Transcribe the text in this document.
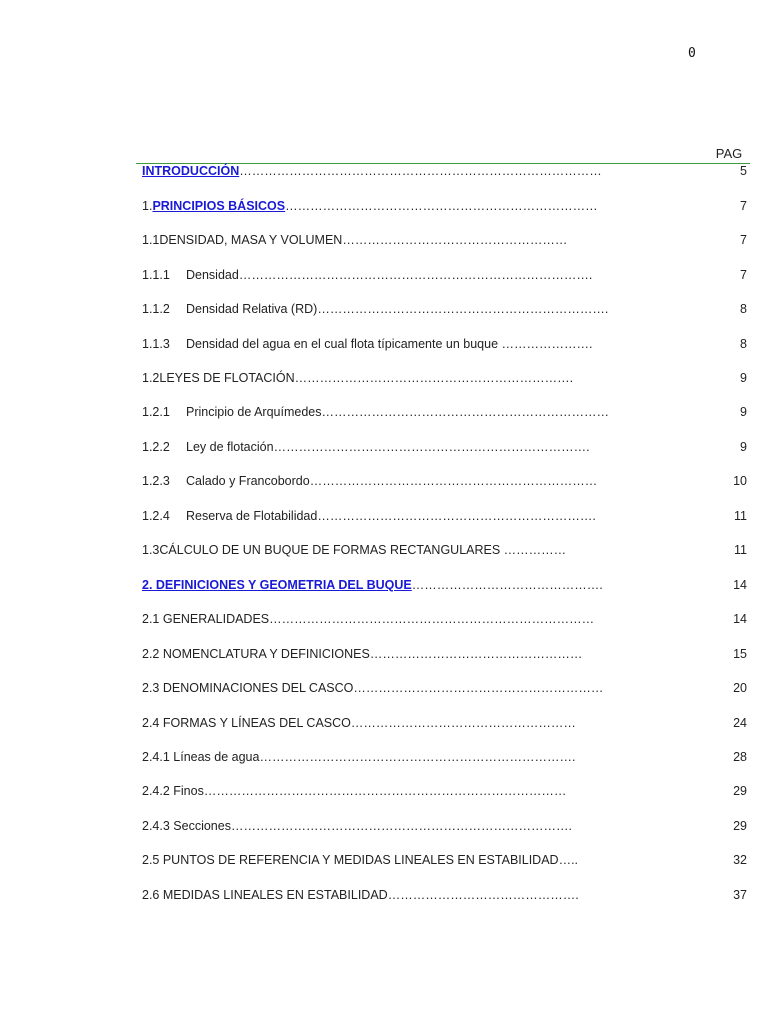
0
PAG
INTRODUCCIÓN……………………………………………………………………………	5
1.PRINCIPIOS BÁSICOS…………………………………………………………………	7
1.1DENSIDAD, MASA Y VOLUMEN………………………………………………	7
1.1.1 Densidad………………………………………………………………………….	7
1.1.2 Densidad Relativa (RD)…………………………………………………………….	8
1.1.3 Densidad del agua en el cual flota típicamente un buque ………………….	8
1.2LEYES DE FLOTACIÓN………………………………………………………….	9
1.2.1 Principio de Arquímedes……………………………………………………………	9
1.2.2 Ley de flotación………………………………………………………………….	9
1.2.3 Calado y Francobordo……………………………………………………………	10
1.2.4 Reserva de Flotabilidad………………………………………………………….	11
1.3CÁLCULO DE UN BUQUE DE FORMAS RECTANGULARES ……………	11
2. DEFINICIONES Y GEOMETRIA DEL BUQUE……………………………………….	14
2.1 GENERALIDADES……………………………………………………………………	14
2.2 NOMENCLATURA Y DEFINICIONES……………………………………………	15
2.3 DENOMINACIONES DEL CASCO……………………………………………………	20
2.4 FORMAS Y LÍNEAS DEL CASCO………………………………………………	24
2.4.1 Líneas de agua………………………………………………………………….	28
2.4.2 Finos……………………………………………………………………………	29
2.4.3 Secciones……………………………………………………………………….	29
2.5 PUNTOS DE REFERENCIA Y MEDIDAS LINEALES EN ESTABILIDAD…..	32
2.6 MEDIDAS LINEALES EN ESTABILIDAD……………………………………….	37
